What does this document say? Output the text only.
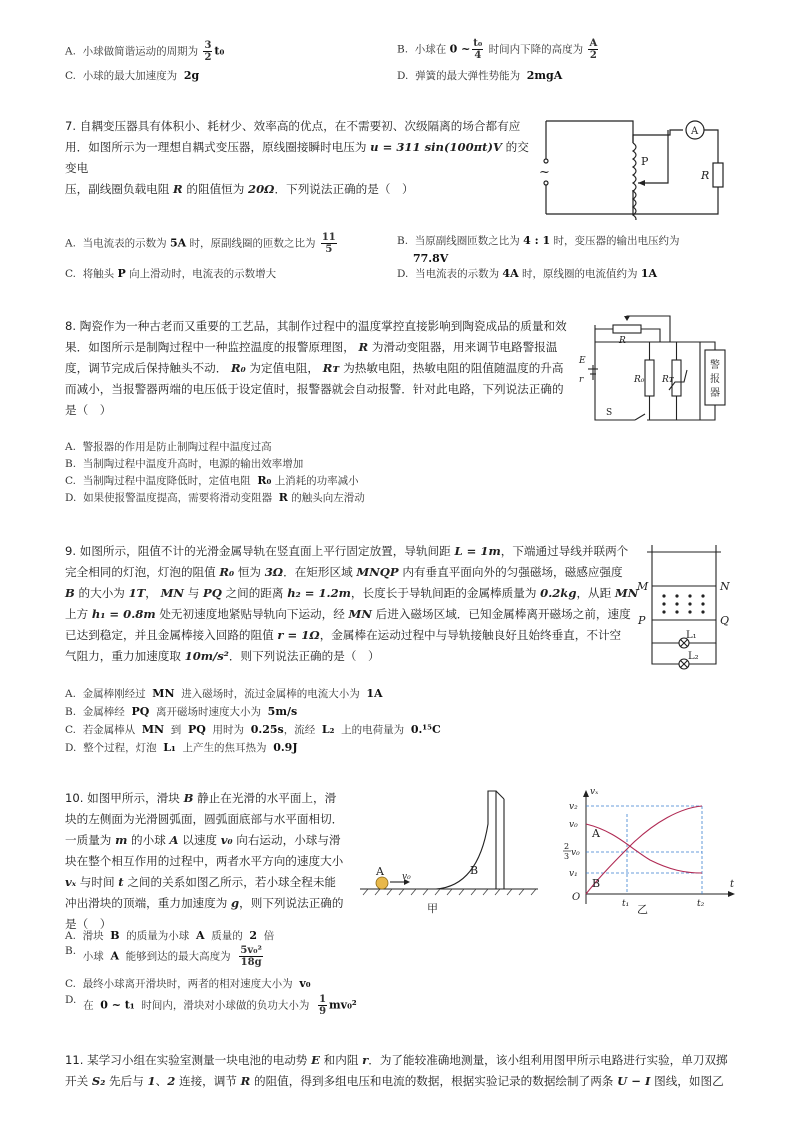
A. 小球做简谐运动的周期为 $\frac{3}{2} t_0$	B. 小球在 0 ~ $\frac{\text{t₀}}{4}$ 时间内下降的高度为 $\frac{A}{2}$
C. 小球的最大加速度为 2g	D. 弹簧的最大弹性势能为 2mgA
7. 自耦变压器具有体积小、耗材少、效率高的优点，在不需要初、次级隔离的场合都有应
用．如图所示为一理想自耦式变压器，原线圈接瞬时电压为 u = 311 sin(100πt)V 的交变电
压，副线圈负载电阻 R 的阻值恒为 20Ω．下列说法正确的是（　）
~
P
R
A
A. 当电流表的示数为 5A 时，原副线圈的匝数之比为 $\frac{11}{5}$	B. 当原副线圈匝数之比为 4 : 1 时，变压器的输出电压约为
77.8V
C. 将触头 P 向上滑动时，电流表的示数增大	D. 当电流表的示数为 4A 时，原线圈的电流值约为 1A
8. 陶瓷作为一种古老而又重要的工艺品，其制作过程中的温度掌控直接影响到陶瓷成品的质量和效
果．如图所示是制陶过程中一种监控温度的报警原理图， R 为滑动变阻器，用来调节电路警报温
度，调节完成后保持触头不动． R₀ 为定值电阻， Rᴛ 为热敏电阻，热敏电阻的阻值随温度的升高
而减小，当报警器两端的电压低于设定值时，报警器就会自动报警．针对此电路，下列说法正确的
是（　）
R
E
r	R₀ Rᴛ
S
警
报
器
A. 警报器的作用是防止制陶过程中温度过高
B. 当制陶过程中温度升高时，电源的输出效率增加
C. 当制陶过程中温度降低时，定值电阻 R₀ 上消耗的功率减小
D. 如果使报警温度提高，需要将滑动变阻器 R 的触头向左滑动
9. 如图所示，阻值不计的光滑金属导轨在竖直面上平行固定放置，导轨间距 L = 1m，下端通过导线并联两个
完全相同的灯泡，灯泡的阻值 R₀ 恒为 3Ω．在矩形区域 MNQP 内有垂直平面向外的匀强磁场，磁感应强度
B 的大小为 1T， MN 与 PQ 之间的距离 h₂ = 1.2m，长度长于导轨间距的金属棒质量为 0.2kg，从距 MN
上方 h₁ = 0.8m 处无初速度地紧贴导轨向下运动，经 MN 后进入磁场区域．已知金属棒离开磁场之前，速度
已达到稳定，并且金属棒接入回路的阻值 r = 1Ω，金属棒在运动过程中与导轨接触良好且始终垂直，不计空
气阻力，重力加速度取 10m/s²．则下列说法正确的是（　）
M	N
P	Q
L₁
L₂
A. 金属棒刚经过 MN 进入磁场时，流过金属棒的电流大小为 1A
B. 金属棒经 PQ 离开磁场时速度大小为 5m/s
C. 若金属棒从 MN 到 PQ 用时为 0.25s，流经 L₂ 上的电荷量为 0.¹⁵C
D. 整个过程，灯泡 L₁ 上产生的焦耳热为 0.9J
10. 如图甲所示，滑块 B 静止在光滑的水平面上，滑
块的左侧面为光滑圆弧面，圆弧面底部与水平面相切．
一质量为 m 的小球 A 以速度 v₀ 向右运动，小球与滑
块在整个相互作用的过程中，两者水平方向的速度大小
vₓ 与时间 t 之间的关系如图乙所示，若小球全程未能
冲出滑块的顶端，重力加速度为 g，则下列说法正确的
是（　）
A v₀	B
甲
vₓ
v₂
v₀
2
3 v₀
v₁
O
t₁	t₂
t
A
B
乙
A. 滑块 B 的质量为小球 A 质量的 2 倍
B. 小球 A 能够到达的最大高度为 $\frac{\text{5v₀²}}{18g}$
C. 最终小球离开滑块时，两者的相对速度大小为 v₀
D. 在 0 ~ t₁ 时间内，滑块对小球做的负功大小为 $\frac{1}{9} mv_0^2$
11. 某学习小组在实验室测量一块电池的电动势 E 和内阻 r．为了能较准确地测量，该小组利用图甲所示电路进行实验，单刀双掷
开关 S₂ 先后与 1、2 连接，调节 R 的阻值，得到多组电压和电流的数据，根据实验记录的数据绘制了两条 U − I 图线，如图乙
